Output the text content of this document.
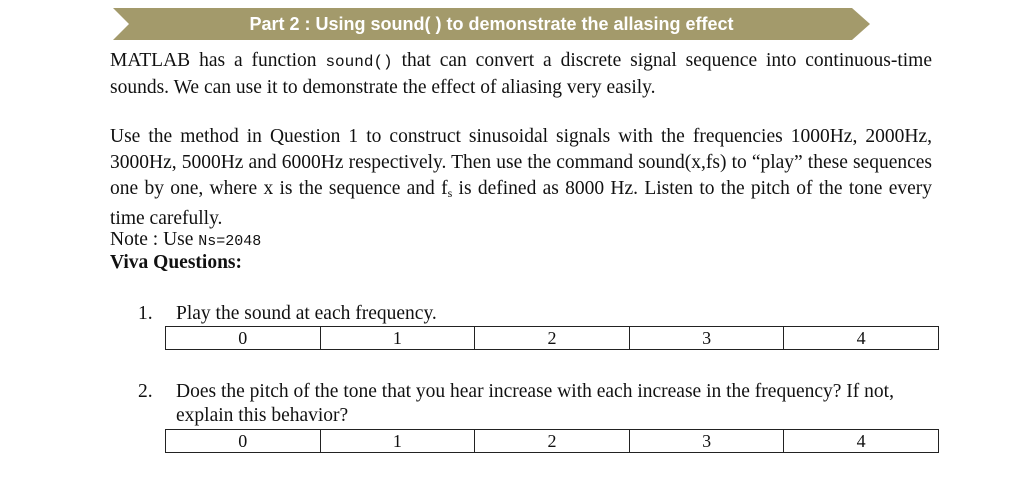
Part 2 : Using sound( ) to demonstrate the allasing effect
MATLAB has a function sound() that can convert a discrete signal sequence into continuous-time sounds. We can use it to demonstrate the effect of aliasing very easily.
Use the method in Question 1 to construct sinusoidal signals with the frequencies 1000Hz, 2000Hz, 3000Hz, 5000Hz and 6000Hz respectively. Then use the command sound(x,fs) to “play” these sequences one by one, where x is the sequence and $f_s$ is defined as 8000 Hz. Listen to the pitch of the tone every time carefully.
Note : Use Ns=2048
Viva Questions:
1. Play the sound at each frequency.
0	1	2	3	4
2. Does the pitch of the tone that you hear increase with each increase in the frequency? If not, explain this behavior?
0	1	2	3	4
